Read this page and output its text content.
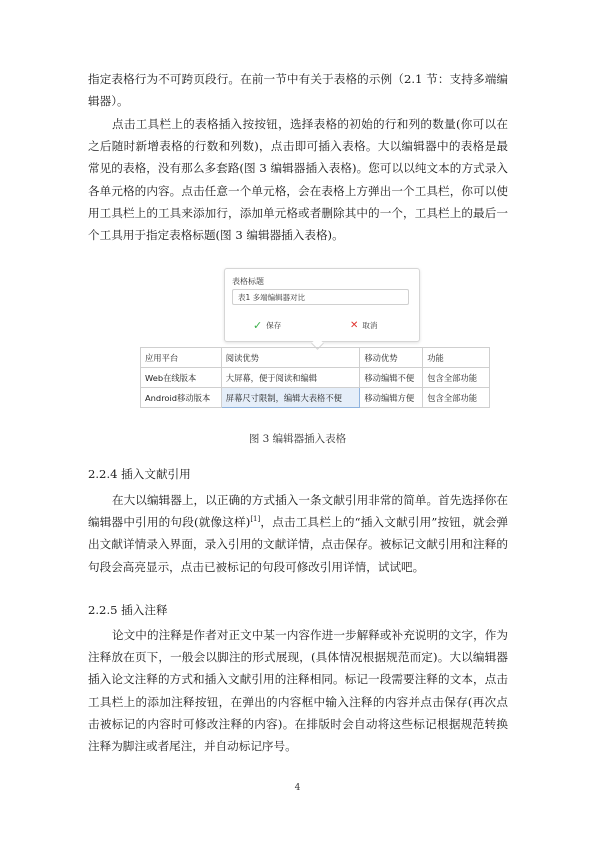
指定表格行为不可跨页段行。在前一节中有关于表格的示例（2.1 节：支持多端编辑器）。

点击工具栏上的表格插入按按钮，选择表格的初始的行和列的数量(你可以在之后随时新增表格的行数和列数)，点击即可插入表格。大以编辑器中的表格是最常见的表格，没有那么多套路(图 3 编辑器插入表格)。您可以以纯文本的方式录入各单元格的内容。点击任意一个单元格，会在表格上方弹出一个工具栏，你可以使用工具栏上的工具来添加行，添加单元格或者删除其中的一个，工具栏上的最后一个工具用于指定表格标题(图 3 编辑器插入表格)。

表格标题
表1 多端编辑器对比
✓ 保存	✕ 取消
应用平台	阅读优势	移动优势	功能
Web在线版本	大屏幕，便于阅读和编辑	移动编辑不便	包含全部功能
Android移动版本	屏幕尺寸限制，编辑大表格不便	移动编辑方便	包含全部功能
图 3 编辑器插入表格
2.2.4 插入文献引用

在大以编辑器上，以正确的方式插入一条文献引用非常的简单。首先选择你在编辑器中引用的句段(就像这样)[1]，点击工具栏上的“插入文献引用”按钮，就会弹出文献详情录入界面，录入引用的文献详情，点击保存。被标记文献引用和注释的句段会高亮显示，点击已被标记的句段可修改引用详情，试试吧。

2.2.5 插入注释

论文中的注释是作者对正文中某一内容作进一步解释或补充说明的文字，作为注释放在页下，一般会以脚注的形式展现，(具体情况根据规范而定)。大以编辑器插入论文注释的方式和插入文献引用的注释相同。标记一段需要注释的文本，点击工具栏上的添加注释按钮，在弹出的内容框中输入注释的内容并点击保存(再次点击被标记的内容时可修改注释的内容)。在排版时会自动将这些标记根据规范转换注释为脚注或者尾注，并自动标记序号。

4
